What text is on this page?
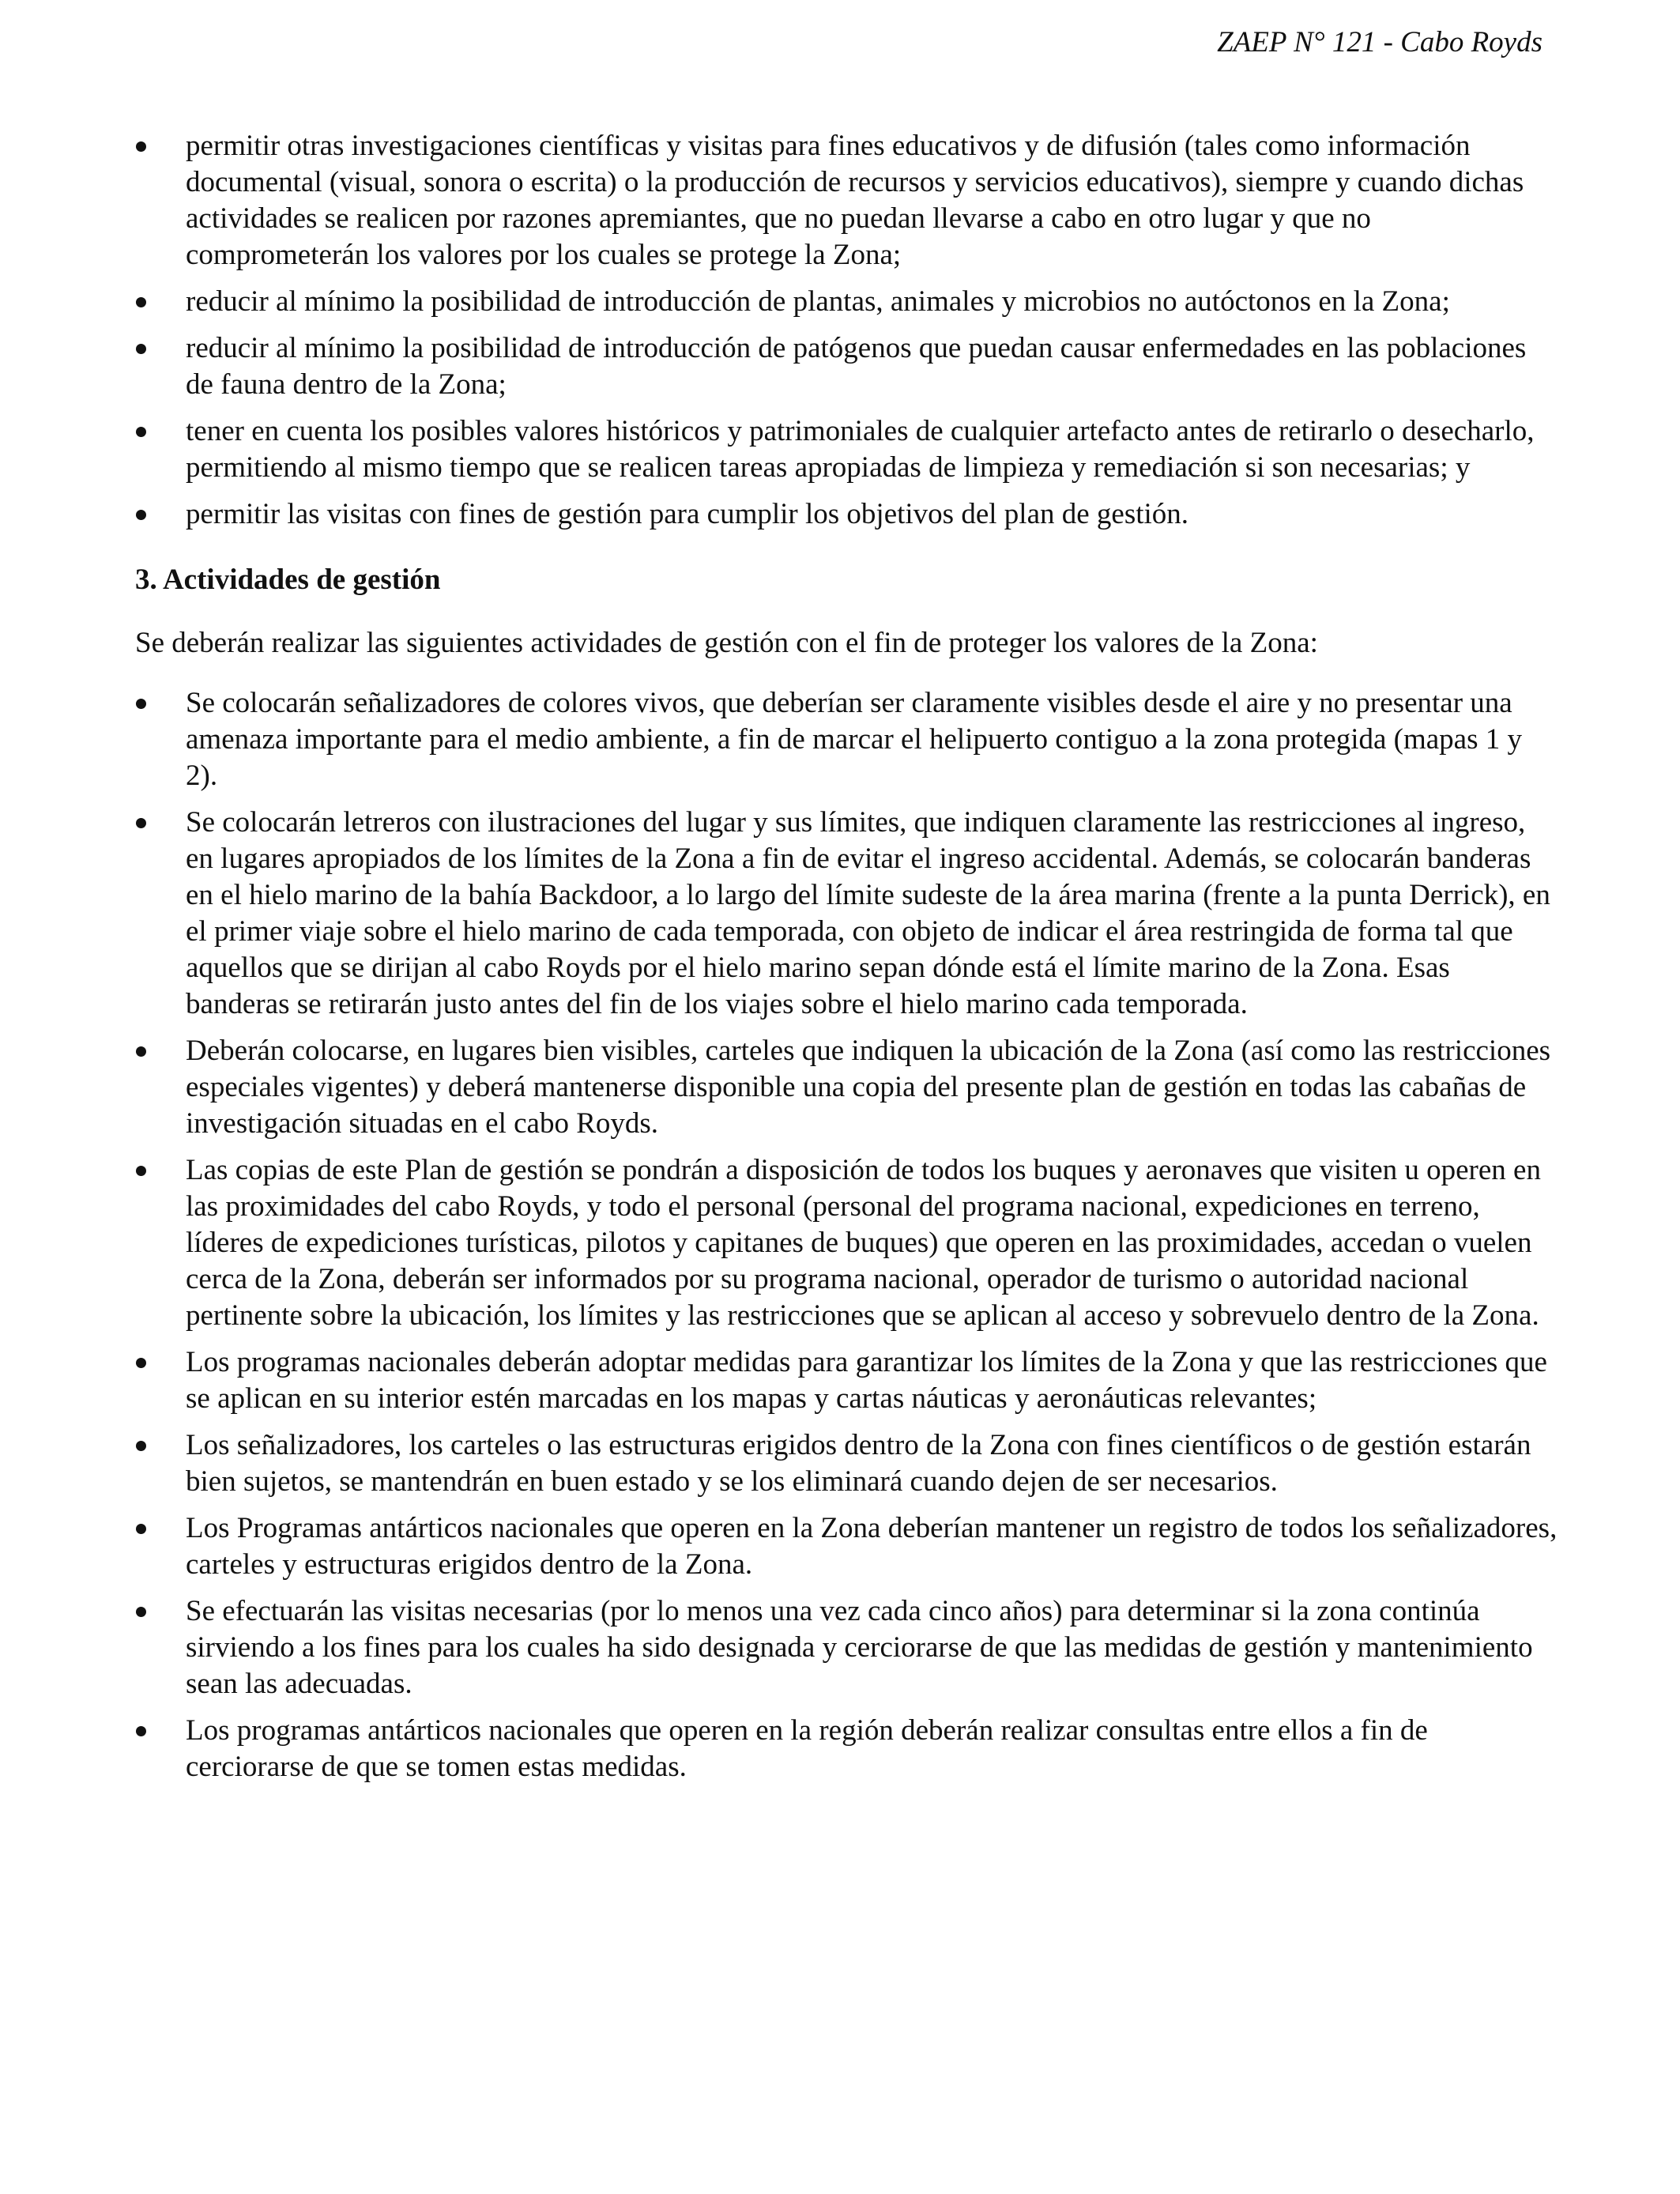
ZAEP N° 121 - Cabo Royds
permitir otras investigaciones científicas y visitas para fines educativos y de difusión (tales como información documental (visual, sonora o escrita) o la producción de recursos y servicios educativos), siempre y cuando dichas actividades se realicen por razones apremiantes, que no puedan llevarse a cabo en otro lugar y que no comprometerán los valores por los cuales se protege la Zona;
reducir al mínimo la posibilidad de introducción de plantas, animales y microbios no autóctonos en la Zona;
reducir al mínimo la posibilidad de introducción de patógenos que puedan causar enfermedades en las poblaciones de fauna dentro de la Zona;
tener en cuenta los posibles valores históricos y patrimoniales de cualquier artefacto antes de retirarlo o desecharlo, permitiendo al mismo tiempo que se realicen tareas apropiadas de limpieza y remediación si son necesarias; y
permitir las visitas con fines de gestión para cumplir los objetivos del plan de gestión.
3. Actividades de gestión

Se deberán realizar las siguientes actividades de gestión con el fin de proteger los valores de la Zona:

Se colocarán señalizadores de colores vivos, que deberían ser claramente visibles desde el aire y no presentar una amenaza importante para el medio ambiente, a fin de marcar el helipuerto contiguo a la zona protegida (mapas 1 y 2).
Se colocarán letreros con ilustraciones del lugar y sus límites, que indiquen claramente las restricciones al ingreso, en lugares apropiados de los límites de la Zona a fin de evitar el ingreso accidental. Además, se colocarán banderas en el hielo marino de la bahía Backdoor, a lo largo del límite sudeste de la área marina (frente a la punta Derrick), en el primer viaje sobre el hielo marino de cada temporada, con objeto de indicar el área restringida de forma tal que aquellos que se dirijan al cabo Royds por el hielo marino sepan dónde está el límite marino de la Zona. Esas banderas se retirarán justo antes del fin de los viajes sobre el hielo marino cada temporada.
Deberán colocarse, en lugares bien visibles, carteles que indiquen la ubicación de la Zona (así como las restricciones especiales vigentes) y deberá mantenerse disponible una copia del presente plan de gestión en todas las cabañas de investigación situadas en el cabo Royds.
Las copias de este Plan de gestión se pondrán a disposición de todos los buques y aeronaves que visiten u operen en las proximidades del cabo Royds, y todo el personal (personal del programa nacional, expediciones en terreno, líderes de expediciones turísticas, pilotos y capitanes de buques) que operen en las proximidades, accedan o vuelen cerca de la Zona, deberán ser informados por su programa nacional, operador de turismo o autoridad nacional pertinente sobre la ubicación, los límites y las restricciones que se aplican al acceso y sobrevuelo dentro de la Zona.
Los programas nacionales deberán adoptar medidas para garantizar los límites de la Zona y que las restricciones que se aplican en su interior estén marcadas en los mapas y cartas náuticas y aeronáuticas relevantes;
Los señalizadores, los carteles o las estructuras erigidos dentro de la Zona con fines científicos o de gestión estarán bien sujetos, se mantendrán en buen estado y se los eliminará cuando dejen de ser necesarios.
Los Programas antárticos nacionales que operen en la Zona deberían mantener un registro de todos los señalizadores, carteles y estructuras erigidos dentro de la Zona.
Se efectuarán las visitas necesarias (por lo menos una vez cada cinco años) para determinar si la zona continúa sirviendo a los fines para los cuales ha sido designada y cerciorarse de que las medidas de gestión y mantenimiento sean las adecuadas.
Los programas antárticos nacionales que operen en la región deberán realizar consultas entre ellos a fin de cerciorarse de que se tomen estas medidas.
